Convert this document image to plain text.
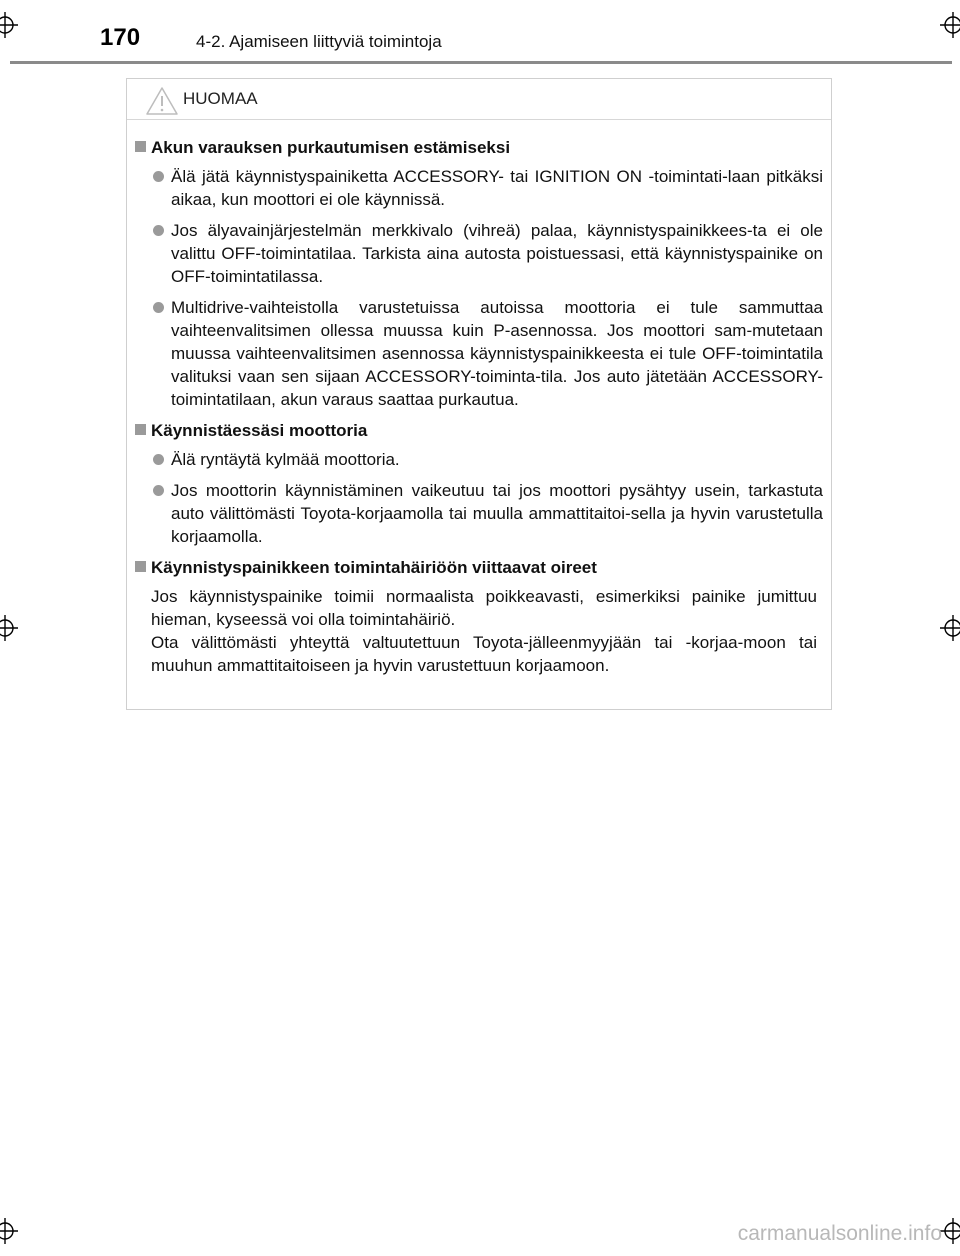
170	4-2. Ajamiseen liittyviä toimintoja
HUOMAA
Akun varauksen purkautumisen estämiseksi
Älä jätä käynnistyspainiketta ACCESSORY- tai IGNITION ON -toimintati-laan pitkäksi aikaa, kun moottori ei ole käynnissä.
Jos älyavainjärjestelmän merkkivalo (vihreä) palaa, käynnistyspainikkees-ta ei ole valittu OFF-toimintatilaa. Tarkista aina autosta poistuessasi, että käynnistyspainike on OFF-toimintatilassa.
Multidrive-vaihteistolla varustetuissa autoissa moottoria ei tule sammuttaa vaihteenvalitsimen ollessa muussa kuin P-asennossa. Jos moottori sam-mutetaan muussa vaihteenvalitsimen asennossa käynnistyspainikkeesta ei tule OFF-toimintatila valituksi vaan sen sijaan ACCESSORY-toiminta-tila. Jos auto jätetään ACCESSORY-toimintatilaan, akun varaus saattaa purkautua.
Käynnistäessäsi moottoria
Älä ryntäytä kylmää moottoria.
Jos moottorin käynnistäminen vaikeutuu tai jos moottori pysähtyy usein, tarkastuta auto välittömästi Toyota-korjaamolla tai muulla ammattitaitoi-sella ja hyvin varustetulla korjaamolla.
Käynnistyspainikkeen toimintahäiriöön viittaavat oireet

Jos käynnistyspainike toimii normaalista poikkeavasti, esimerkiksi painike jumittuu hieman, kyseessä voi olla toimintahäiriö.

Ota välittömästi yhteyttä valtuutettuun Toyota-jälleenmyyjään tai -korjaa-moon tai muuhun ammattitaitoiseen ja hyvin varustettuun korjaamoon.

carmanualsonline.info
